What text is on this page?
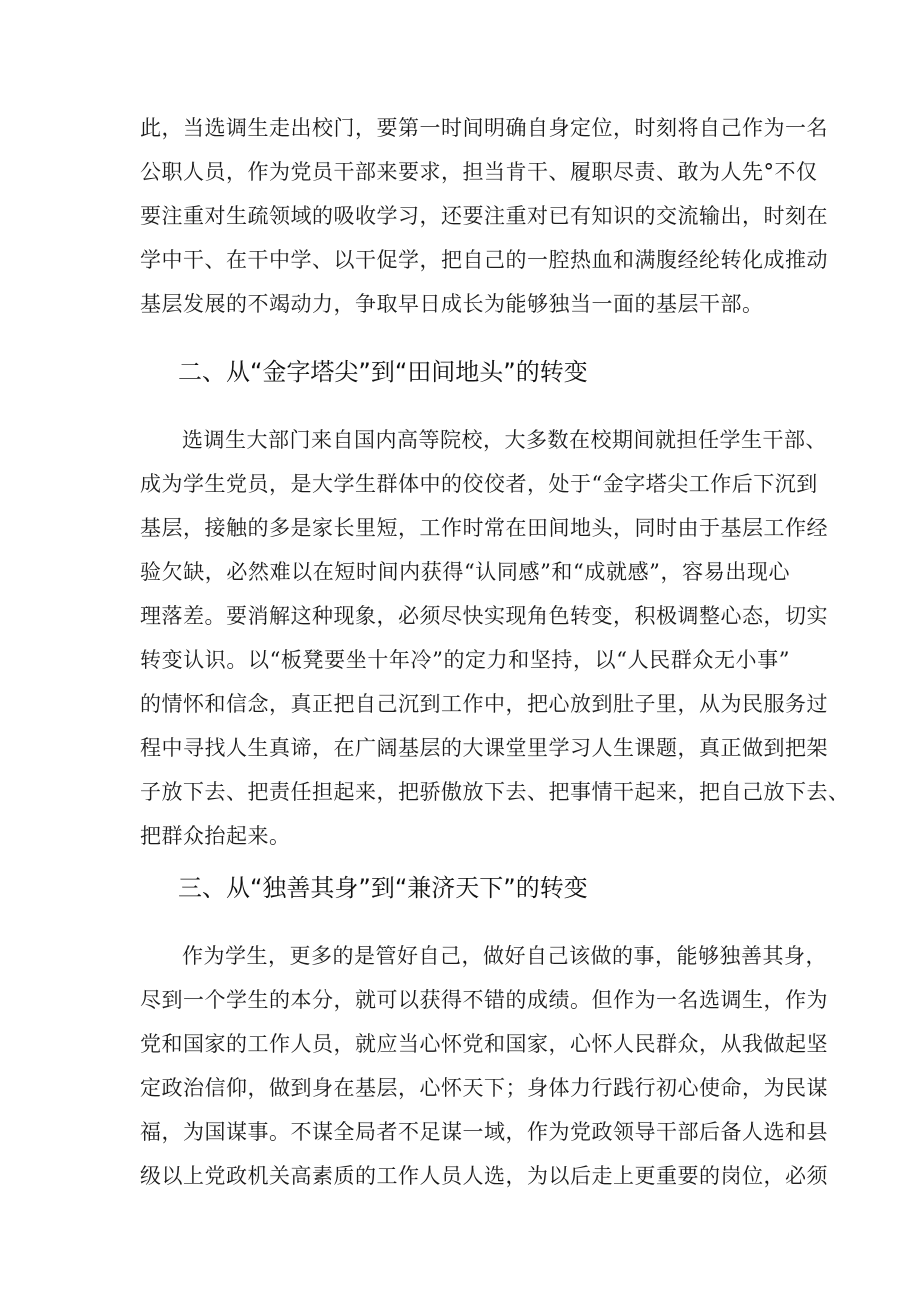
此，当选调生走出校门，要第一时间明确自身定位，时刻将自己作为一名
公职人员，作为党员干部来要求，担当肯干、履职尽责、敢为人先°不仅
要注重对生疏领域的吸收学习，还要注重对已有知识的交流输出，时刻在
学中干、在干中学、以干促学，把自己的一腔热血和满腹经纶转化成推动
基层发展的不竭动力，争取早日成长为能够独当一面的基层干部。
二、从“金字塔尖”到“田间地头”的转变
选调生大部门来自国内高等院校，大多数在校期间就担任学生干部、
成为学生党员，是大学生群体中的佼佼者，处于“金字塔尖工作后下沉到
基层，接触的多是家长里短，工作时常在田间地头，同时由于基层工作经
验欠缺，必然难以在短时间内获得“认同感”和“成就感”，容易出现心
理落差。要消解这种现象，必须尽快实现角色转变，积极调整心态，切实
转变认识。以“板凳要坐十年冷”的定力和坚持，以“人民群众无小事”
的情怀和信念，真正把自己沉到工作中，把心放到肚子里，从为民服务过
程中寻找人生真谛，在广阔基层的大课堂里学习人生课题，真正做到把架
子放下去、把责任担起来，把骄傲放下去、把事情干起来，把自己放下去、
把群众抬起来。
三、从“独善其身”到“兼济天下”的转变
作为学生，更多的是管好自己，做好自己该做的事，能够独善其身，
尽到一个学生的本分，就可以获得不错的成绩。但作为一名选调生，作为
党和国家的工作人员，就应当心怀党和国家，心怀人民群众，从我做起坚
定政治信仰，做到身在基层，心怀天下；身体力行践行初心使命，为民谋
福，为国谋事。不谋全局者不足谋一域，作为党政领导干部后备人选和县
级以上党政机关高素质的工作人员人选，为以后走上更重要的岗位，必须
